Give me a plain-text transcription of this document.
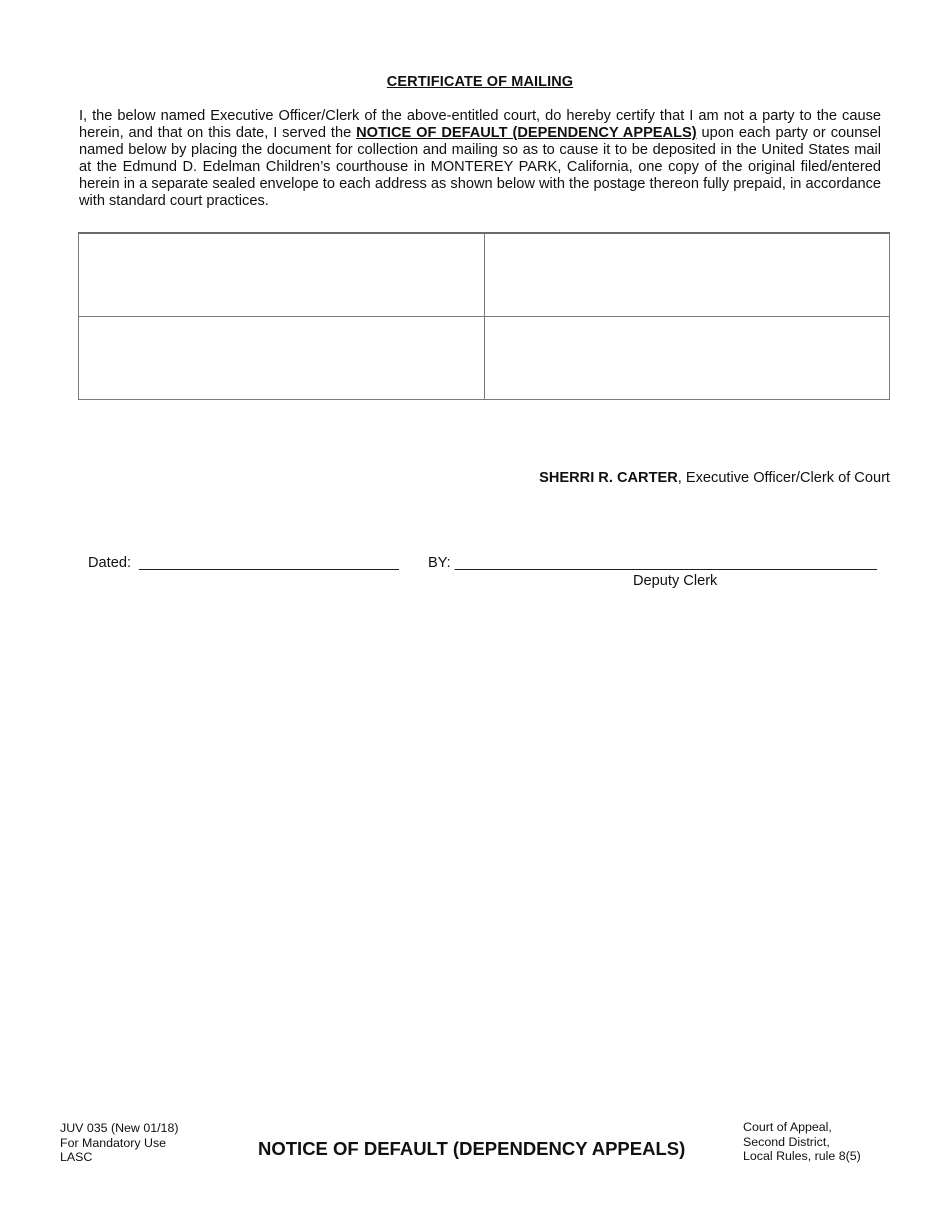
CERTIFICATE OF MAILING
I, the below named Executive Officer/Clerk of the above-entitled court, do hereby certify that I am not a party to the cause herein, and that on this date, I served the NOTICE OF DEFAULT (DEPENDENCY APPEALS) upon each party or counsel named below by placing the document for collection and mailing so as to cause it to be deposited in the United States mail at the Edmund D. Edelman Children’s courthouse in MONTEREY PARK, California, one copy of the original filed/entered herein in a separate sealed envelope to each address as shown below with the postage thereon fully prepaid, in accordance with standard court practices.

SHERRI R. CARTER, Executive Officer/Clerk of Court
Dated: ________________________________ BY: ____________________________________________________
Deputy Clerk
JUV 035 (New 01/18)
For Mandatory Use
LASC	NOTICE OF DEFAULT (DEPENDENCY APPEALS)
Court of Appeal,
Second District,
Local Rules, rule 8(5)
